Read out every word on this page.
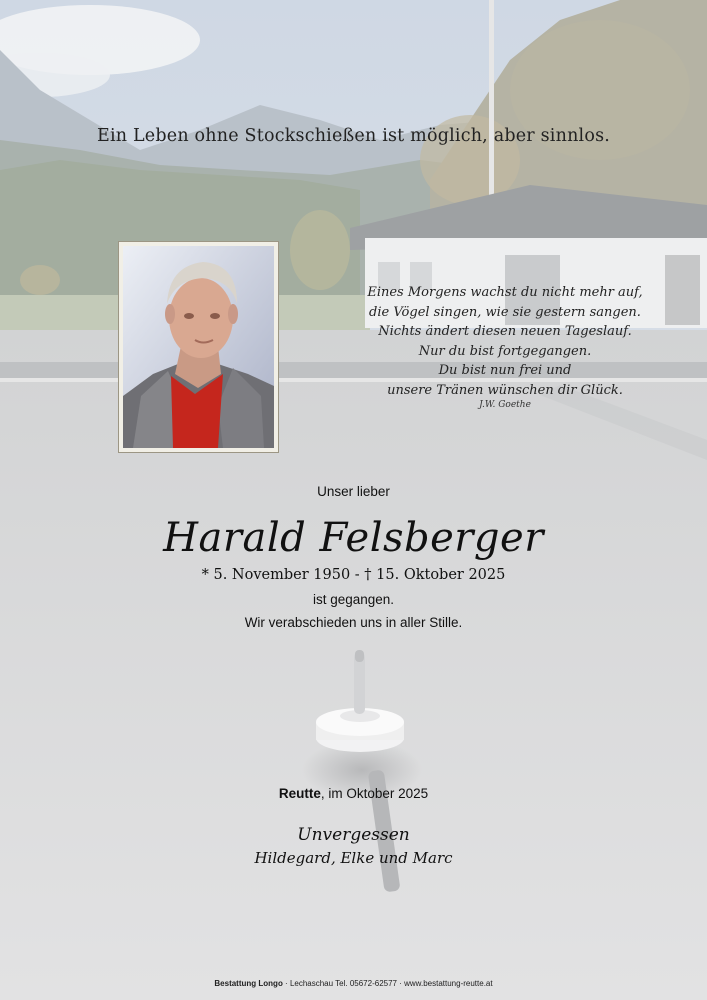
Ein Leben ohne Stockschießen ist möglich, aber sinnlos.
Eines Morgens wachst du nicht mehr auf,
die Vögel singen, wie sie gestern sangen.
Nichts ändert diesen neuen Tageslauf.
Nur du bist fortgegangen.
Du bist nun frei und
unsere Tränen wünschen dir Glück.
J.W. Goethe
Unser lieber
Harald Felsberger
* 5. November 1950 - † 15. Oktober 2025
ist gegangen.
Wir verabschieden uns in aller Stille.
Reutte, im Oktober 2025
Unvergessen
Hildegard, Elke und Marc
Bestattung Longo · Lechaschau Tel. 05672-62577 · www.bestattung-reutte.at
